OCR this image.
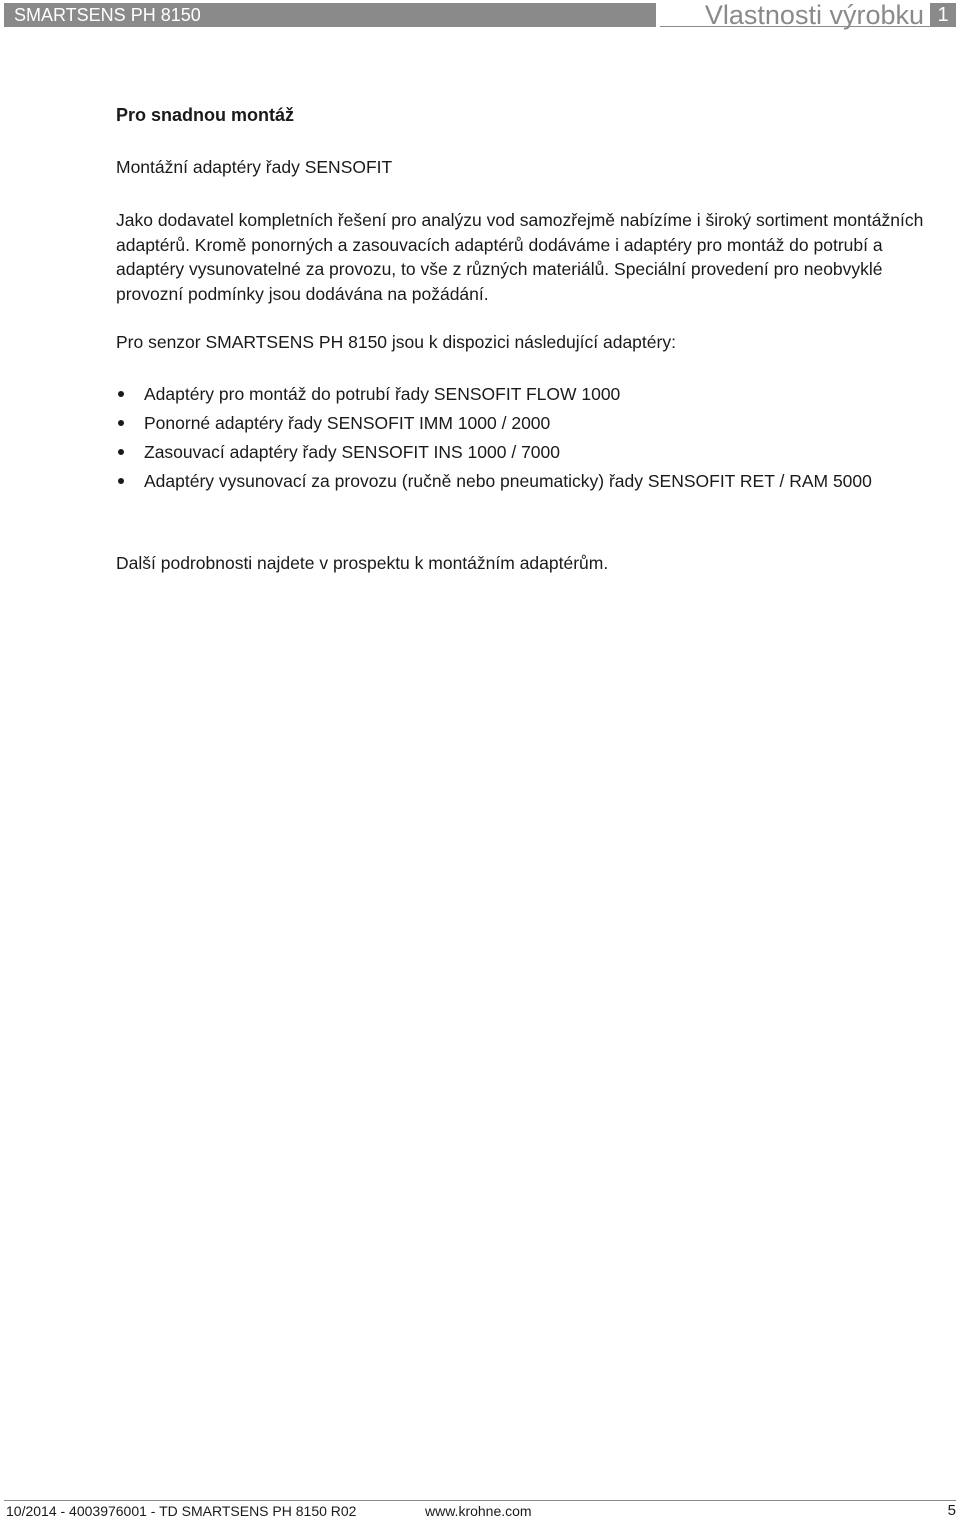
SMARTSENS PH 8150	Vlastnosti výrobku 1
Pro snadnou montáž
Montážní adaptéry řady SENSOFIT

Jako dodavatel kompletních řešení pro analýzu vod samozřejmě nabízíme i široký sortiment montážních adaptérů. Kromě ponorných a zasouvacích adaptérů dodáváme i adaptéry pro montáž do potrubí a adaptéry vysunovatelné za provozu, to vše z různých materiálů. Speciální provedení pro neobvyklé provozní podmínky jsou dodávána na požádání.

Pro senzor SMARTSENS PH 8150 jsou k dispozici následující adaptéry:

Adaptéry pro montáž do potrubí řady SENSOFIT FLOW 1000
Ponorné adaptéry řady SENSOFIT IMM 1000 / 2000
Zasouvací adaptéry řady SENSOFIT INS 1000 / 7000
Adaptéry vysunovací za provozu (ručně nebo pneumaticky) řady SENSOFIT RET / RAM 5000

Další podrobnosti najdete v prospektu k montážním adaptérům.

10/2014 - 4003976001 - TD SMARTSENS PH 8150 R02	www.krohne.com	5
